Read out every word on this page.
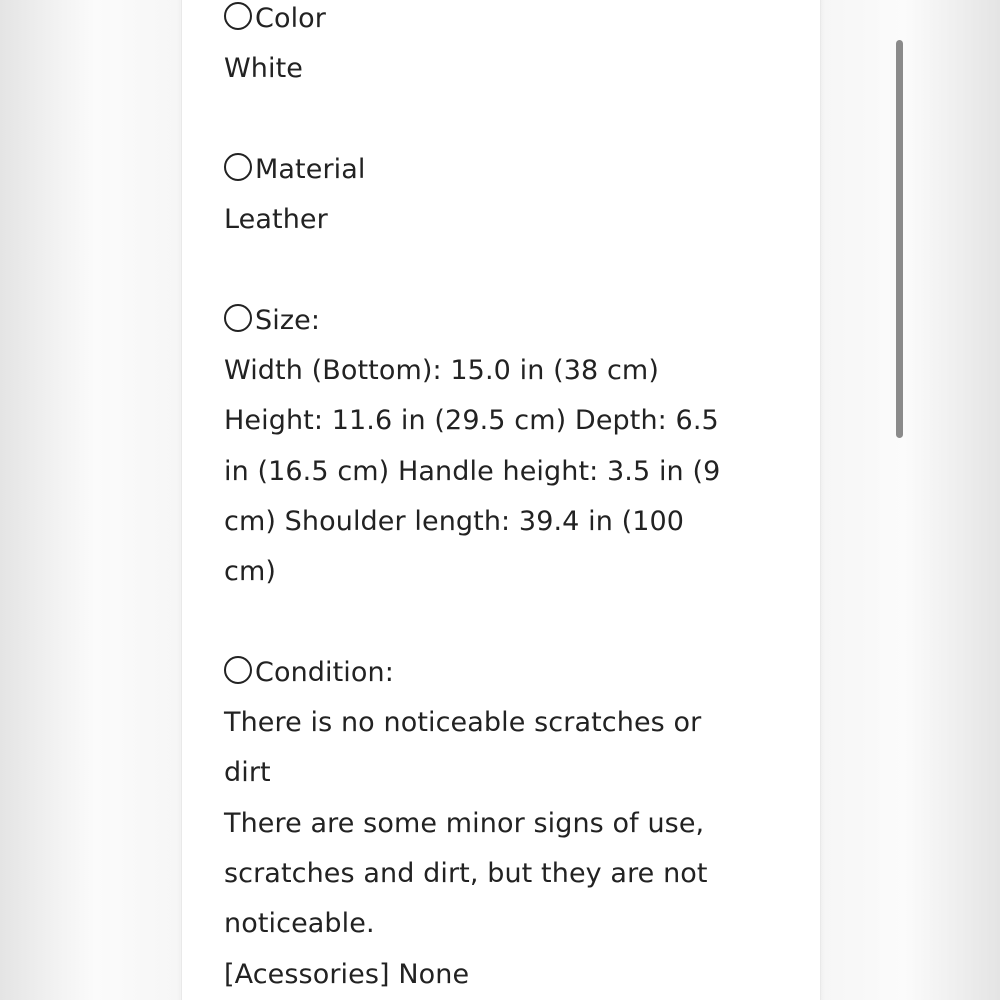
Color
White
Material
Leather
Size:
Width (Bottom): 15.0 in (38 cm)
Height: 11.6 in (29.5 cm) Depth: 6.5
in (16.5 cm) Handle height: 3.5 in (9
cm) Shoulder length: 39.4 in (100
cm)
Condition:
There is no noticeable scratches or
dirt
There are some minor signs of use,
scratches and dirt, but they are not
noticeable.
[Acessories] None
